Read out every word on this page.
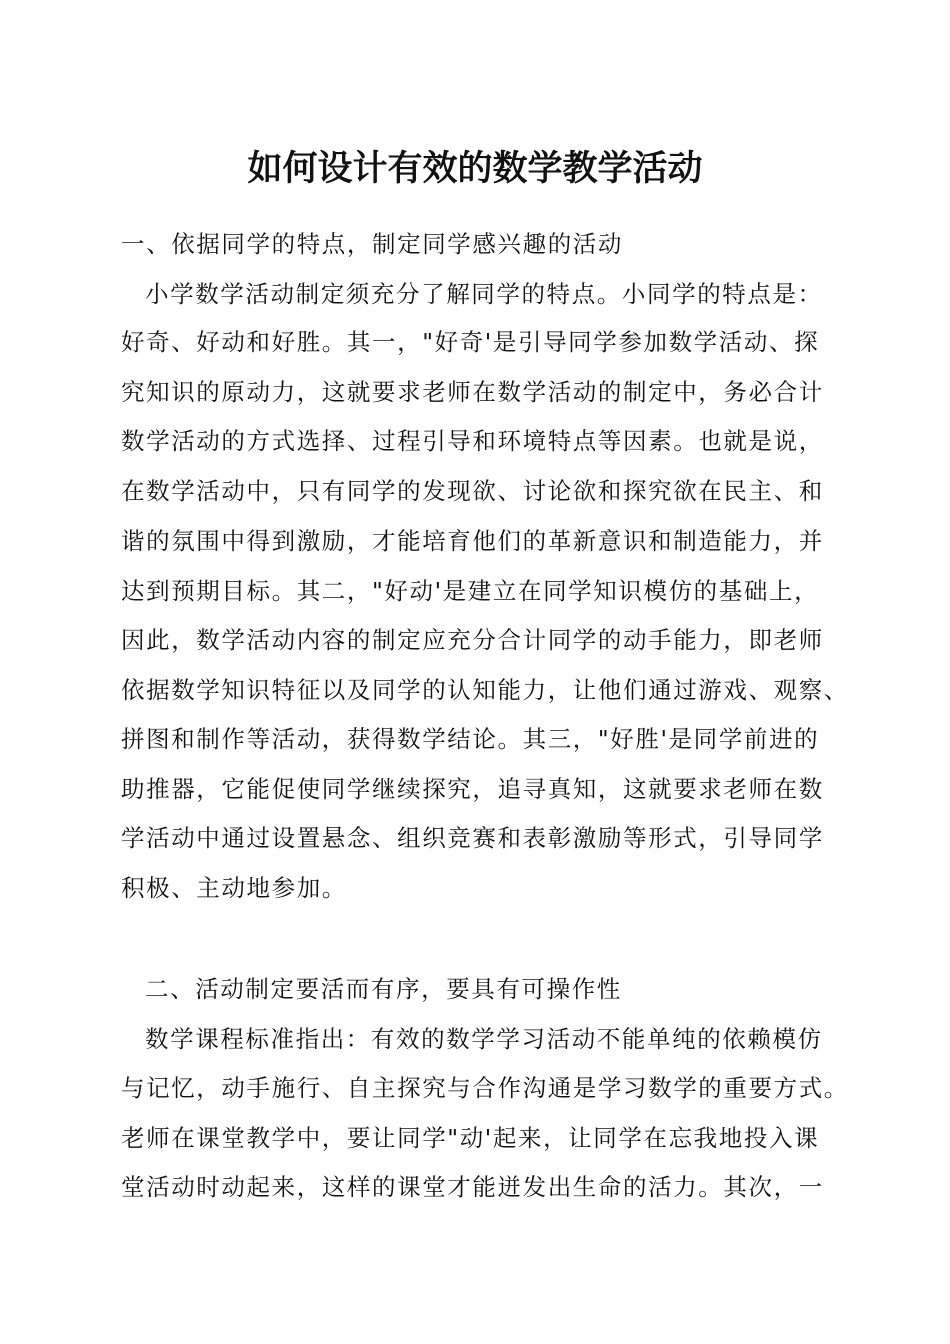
如何设计有效的数学教学活动
一、依据同学的特点，制定同学感兴趣的活动
小学数学活动制定须充分了解同学的特点。小同学的特点是：
好奇、好动和好胜。其一，"好奇'是引导同学参加数学活动、探
究知识的原动力，这就要求老师在数学活动的制定中，务必合计
数学活动的方式选择、过程引导和环境特点等因素。也就是说，
在数学活动中，只有同学的发现欲、讨论欲和探究欲在民主、和
谐的氛围中得到激励，才能培育他们的革新意识和制造能力，并
达到预期目标。其二，"好动'是建立在同学知识模仿的基础上，
因此，数学活动内容的制定应充分合计同学的动手能力，即老师
依据数学知识特征以及同学的认知能力，让他们通过游戏、观察、
拼图和制作等活动，获得数学结论。其三，"好胜'是同学前进的
助推器，它能促使同学继续探究，追寻真知，这就要求老师在数
学活动中通过设置悬念、组织竞赛和表彰激励等形式，引导同学
积极、主动地参加。
二、活动制定要活而有序，要具有可操作性
数学课程标准指出：有效的数学学习活动不能单纯的依赖模仿
与记忆，动手施行、自主探究与合作沟通是学习数学的重要方式。
老师在课堂教学中，要让同学"动'起来，让同学在忘我地投入课
堂活动时动起来，这样的课堂才能迸发出生命的活力。其次，一
